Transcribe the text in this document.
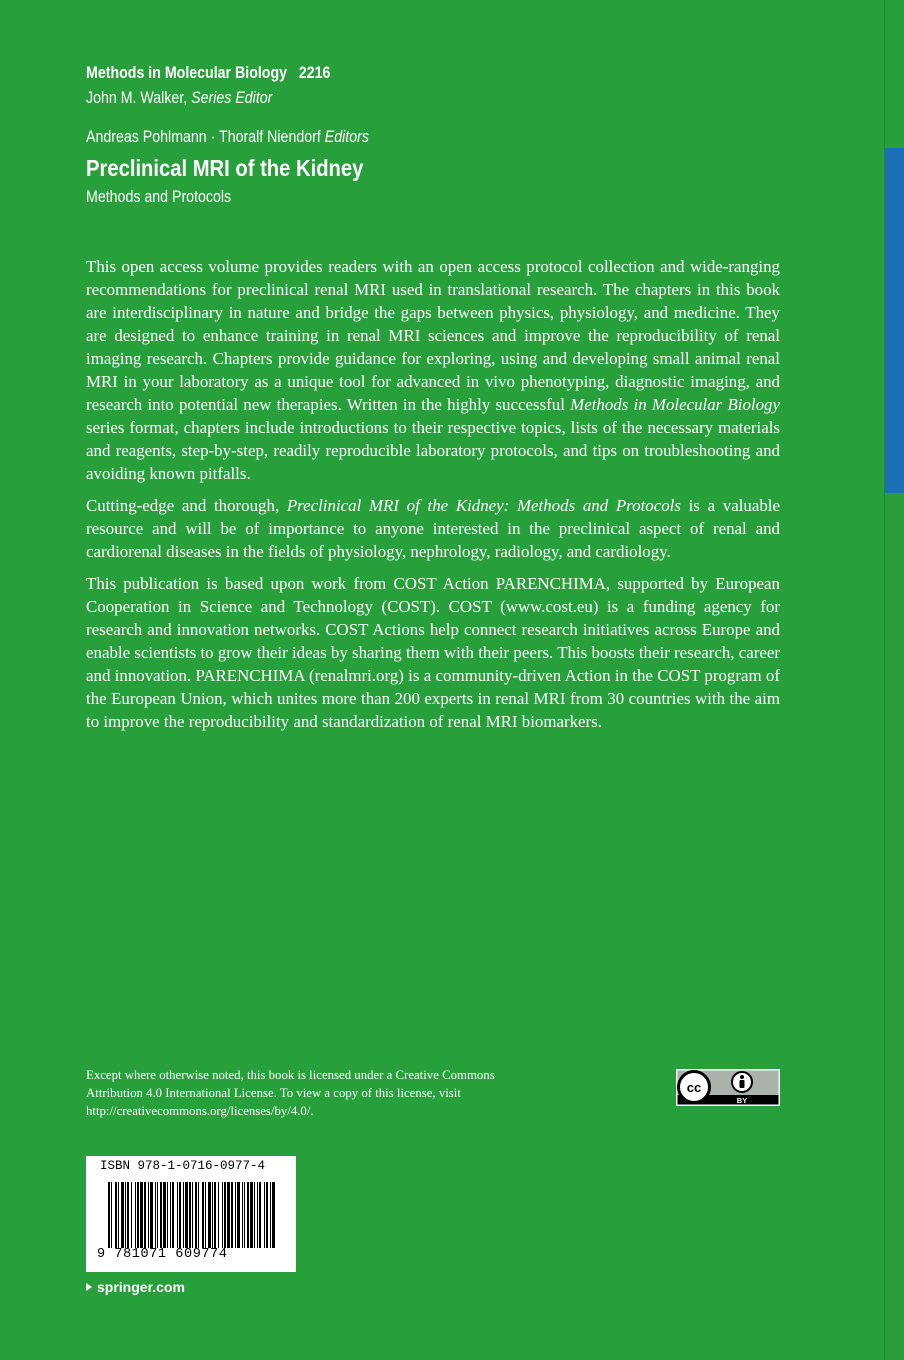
Methods in Molecular Biology 2216
John M. Walker, Series Editor
Andreas Pohlmann · Thoralf Niendorf Editors
Preclinical MRI of the Kidney
Methods and Protocols

This open access volume provides readers with an open access protocol collection and wide-ranging recommendations for preclinical renal MRI used in translational research. The chapters in this book are interdisciplinary in nature and bridge the gaps between physics, physiology, and medicine. They are designed to enhance training in renal MRI sciences and improve the reproducibility of renal imaging research. Chapters provide guidance for exploring, using and developing small animal renal MRI in your laboratory as a unique tool for advanced in vivo phenotyping, diagnostic imaging, and research into potential new therapies. Written in the highly successful Methods in Molecular Biology series format, chapters include introductions to their respective topics, lists of the necessary materials and reagents, step-by-step, readily reproducible laboratory protocols, and tips on troubleshooting and avoiding known pitfalls.

Cutting-edge and thorough, Preclinical MRI of the Kidney: Methods and Protocols is a valuable resource and will be of importance to anyone interested in the preclinical aspect of renal and cardiorenal diseases in the fields of physiology, nephrology, radiology, and cardiology.

This publication is based upon work from COST Action PARENCHIMA, supported by European Cooperation in Science and Technology (COST). COST (www.cost.eu) is a funding agency for research and innovation networks. COST Actions help connect research initiatives across Europe and enable scientists to grow their ideas by sharing them with their peers. This boosts their research, career and innovation. PARENCHIMA (renalmri.org) is a community-driven Action in the COST program of the European Union, which unites more than 200 experts in renal MRI from 30 countries with the aim to improve the reproducibility and standardization of renal MRI biomarkers.

Except where otherwise noted, this book is licensed under a Creative Commons Attribution 4.0 International License. To view a copy of this license, visit http://creativecommons.org/licenses/by/4.0/.
cc
BY
ISBN 978-1-0716-0977-4
9 781071 609774
springer.com
